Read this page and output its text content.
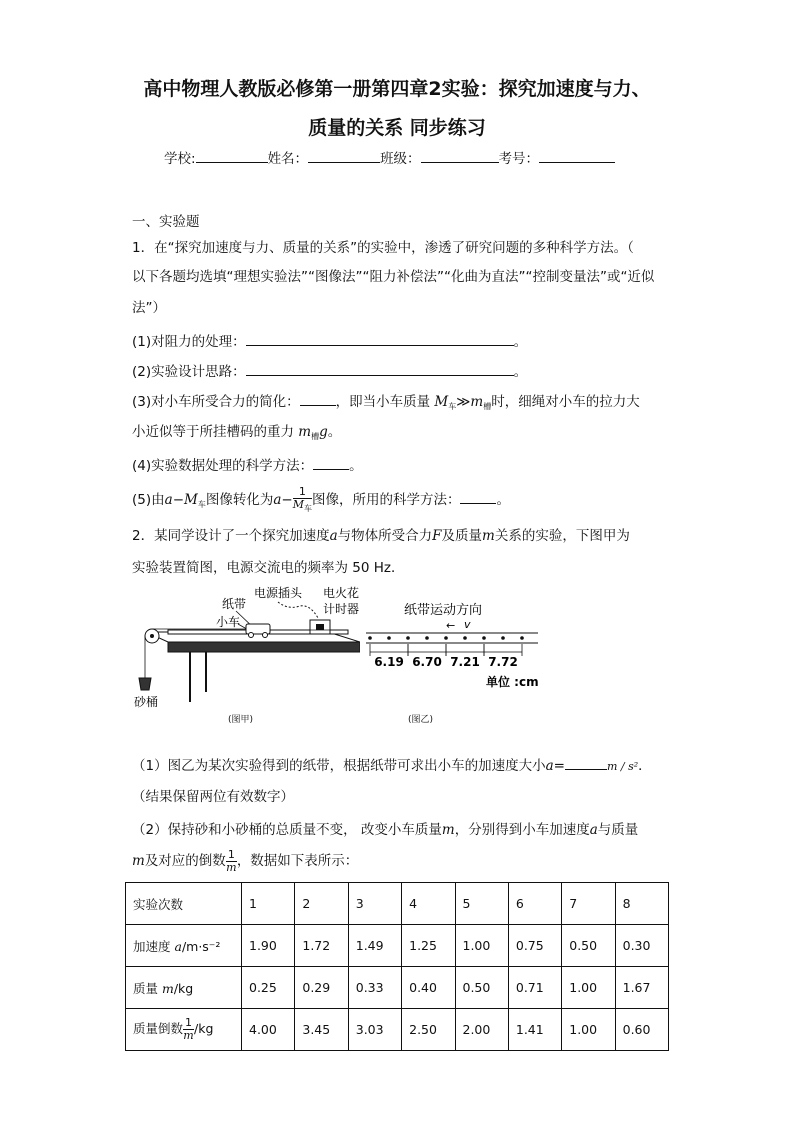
高中物理人教版必修第一册第四章2实验：探究加速度与力、
质量的关系 同步练习
学校:	姓名：	班级：	考号：
一、实验题
1．在“探究加速度与力、质量的关系”的实验中，渗透了研究问题的多种科学方法。（
以下各题均选填“理想实验法”“图像法”“阻力补偿法”“化曲为直法”“控制变量法”或“近似
法”）
(1)对阻力的处理：	。
(2)实验设计思路：	。
(3)对小车所受合力的简化：	，即当小车质量 $M_车≫m_槽$时，细绳对小车的拉力大
小近似等于所挂槽码的重力 $m_槽g$。
(4)实验数据处理的科学方法：	。
(5)由$a-M_车$图像转化为$a- \frac{1}{M_车}$ 图像，所用的科学方法：	。
2．某同学设计了一个探究加速度a与物体所受合力F及质量m关系的实验，下图甲为
实验装置简图，电源交流电的频率为 50 Hz．
电源插头
纸带
电火花
计时器
小车
砂桶
(图甲)
纸带运动方向
← v
6.19 6.70 7.21 7.72
单位 :cm
(图乙)
（1）图乙为某次实验得到的纸带，根据纸带可求出小车的加速度大小a=	m / s²．
（结果保留两位有效数字）
（2）保持砂和小砂桶的总质量不变， 改变小车质量m，分别得到小车加速度a与质量
m及对应的倒数 $\frac{1}{m}$ ，数据如下表所示：
实验次数	1	2	3	4	5	6	7	8
加速度 a/m·s⁻²	1.90	1.72	1.49	1.25	1.00	0.75	0.50	0.30
质量 m/kg	0.25	0.29	0.33	0.40	0.50	0.71	1.00	1.67
质量倒数 $\frac{1}{m} /kg$	4.00	3.45	3.03	2.50	2.00	1.41	1.00	0.60
